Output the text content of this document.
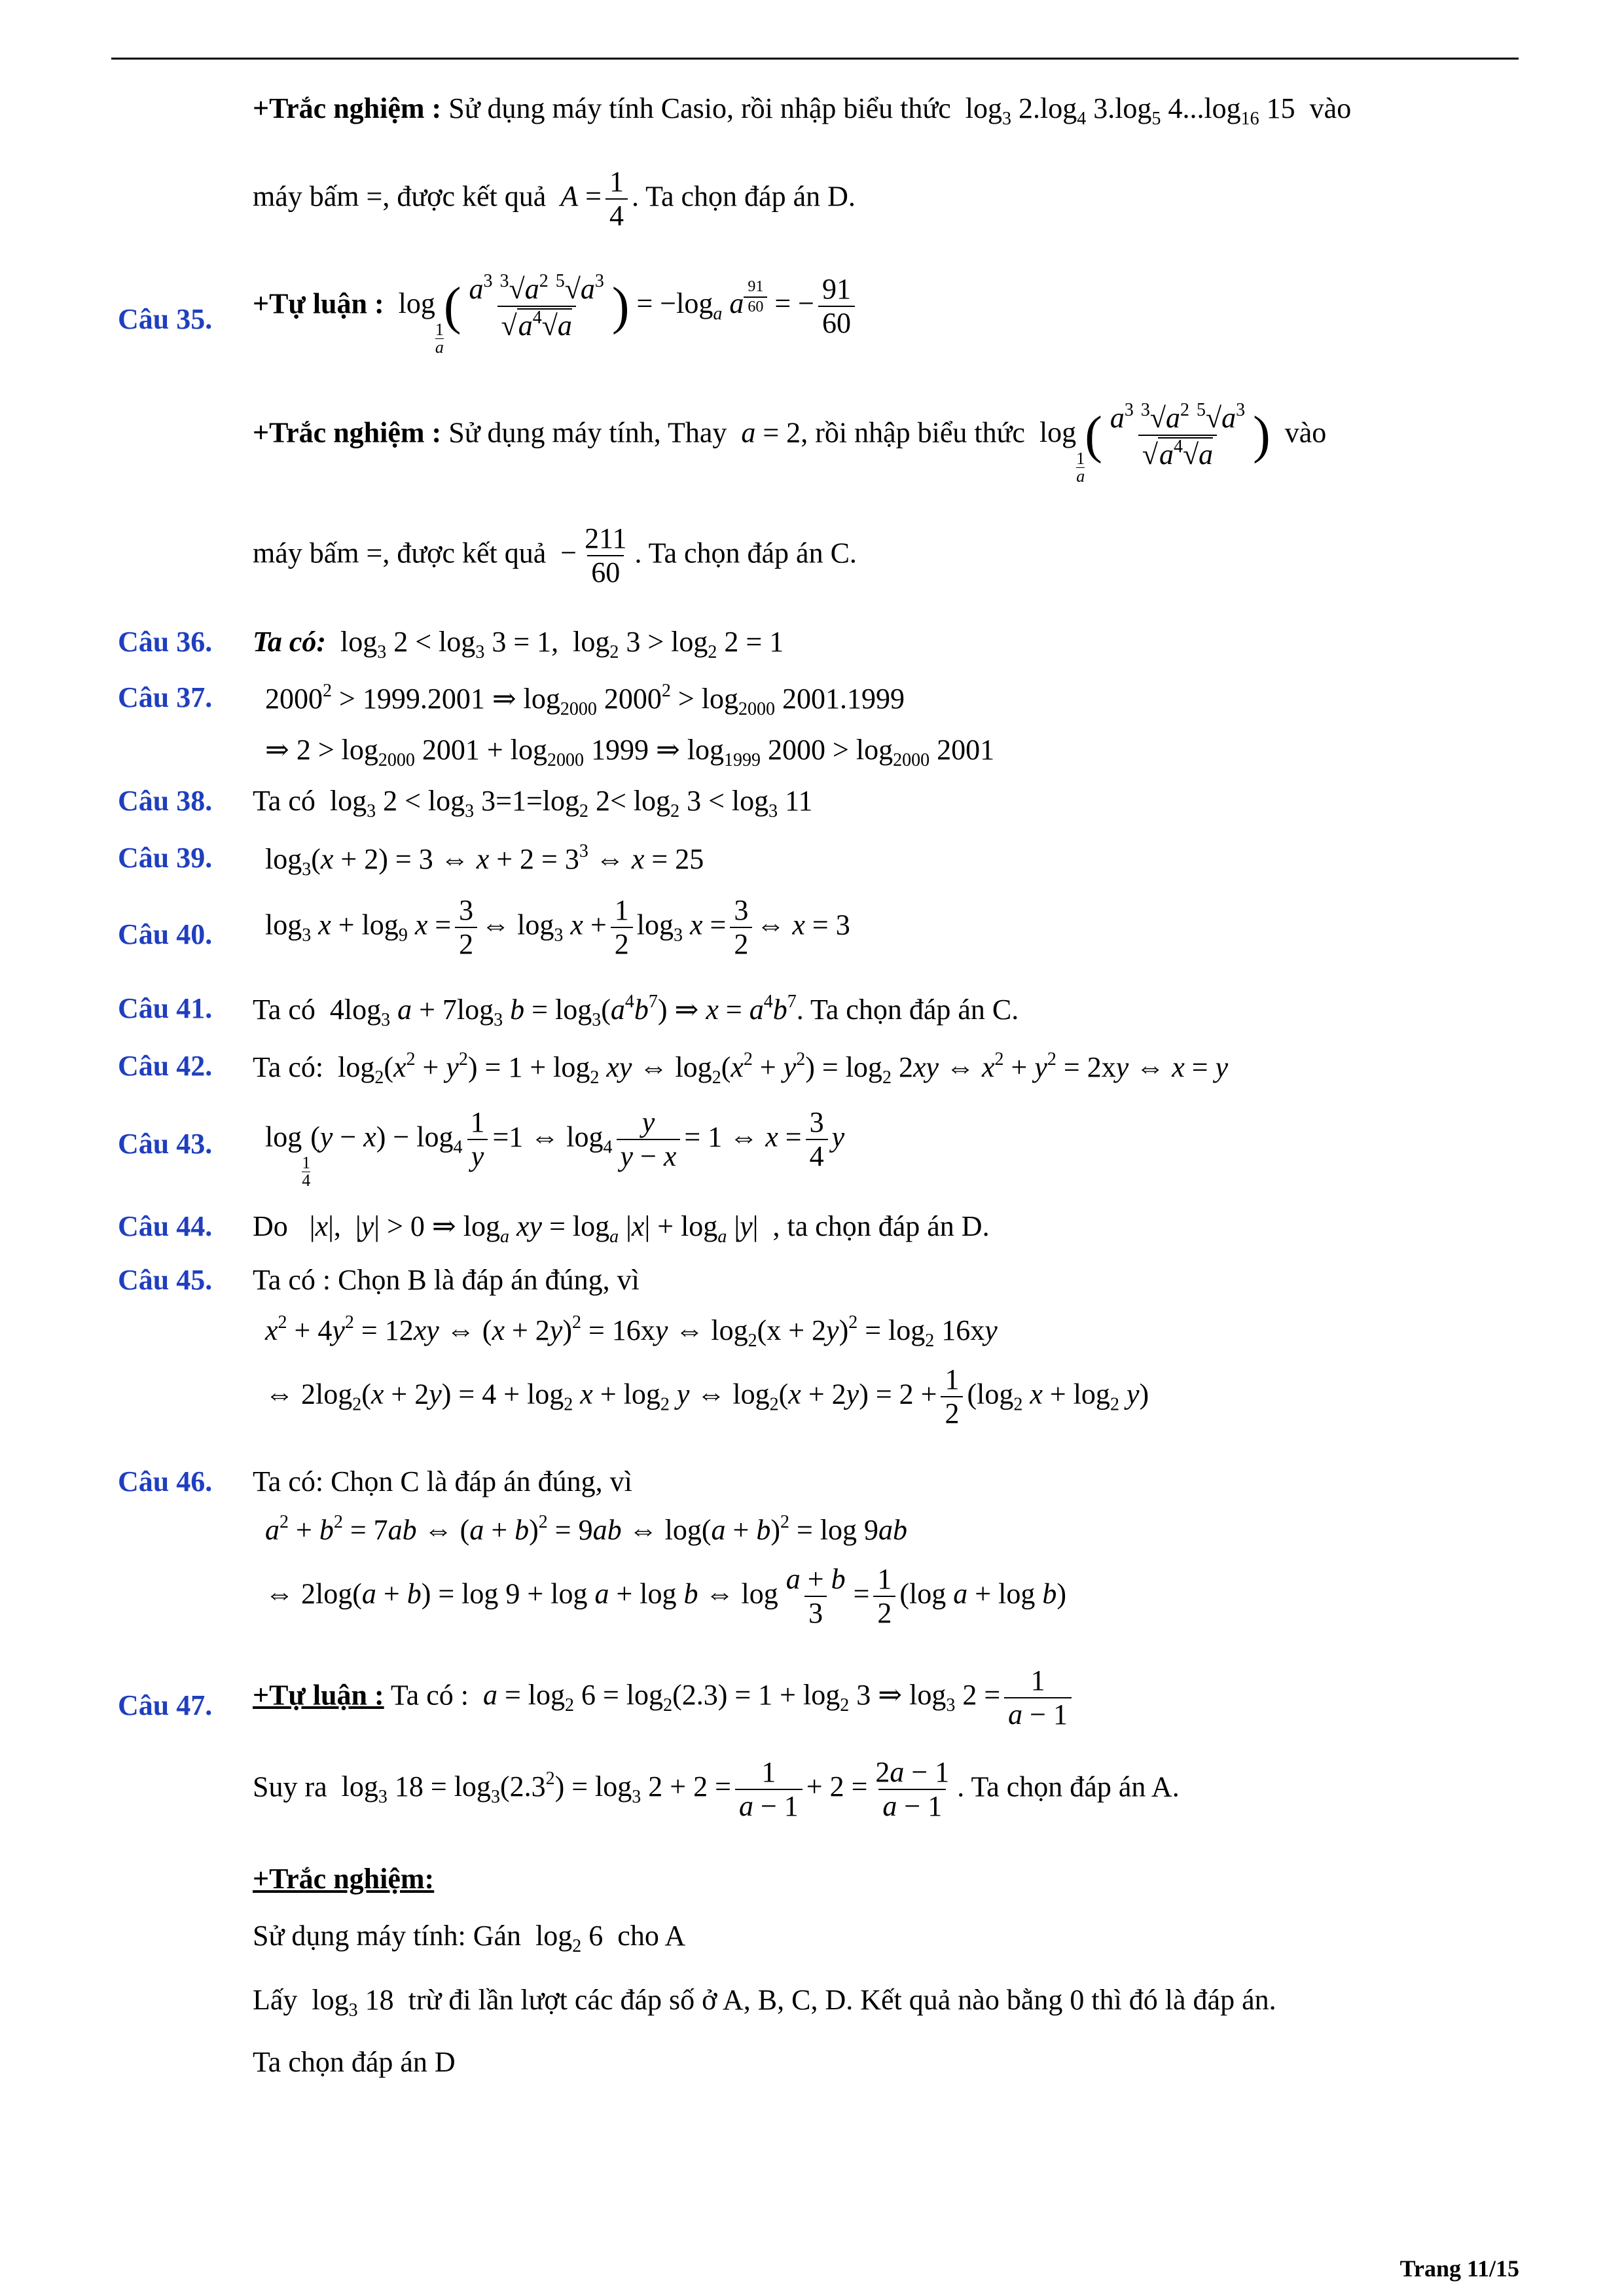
+Trắc nghiệm : Sử dụng máy tính Casio, rồi nhập biểu thức  $\log_3 2.\log_4$ $3.\log_5$ $4...\log_{16}$ 15  vào
máy bấm =, được kết quả $A = \frac{1}{4}$ . Ta chọn đáp án D.
Câu 35. +Tự luận :  log
1
a
( $\frac{a^3 ^3√a^2 ^5√a^3}{√a^4√a}$ ) = $-\log_a$ a $^{\frac{91}{60}}$ = − $\frac{91}{60}$
+Trắc nghiệm : Sử dụng máy tính, Thay a = 2, rồi nhập biểu thức  log
1
a
( $\frac{a^3 ^3√a^2 ^5√a^3}{√a^4√a}$ ) vào
máy bấm =, được kết quả  − $\frac{211}{60}$ . Ta chọn đáp án C.
Câu 36. Ta có:  $\log_3 2 < \log_3 3 = 1$,  $\log_2 3 > \log_2 2 = 1$
Câu 37. $2000^2 > 1999.2001$ ⇒ $\log_{2000} 2000^2 > \log_{2000} 2001.1999$
⇒ $2 > \log_{2000} 2001 + \log_{2000} 1999$ ⇒ $\log_{1999} 2000 > \log_{2000} 2001$
Câu 38. Ta có  $\log_3 2 < \log_3 3=1=\log_2$ $2< \log_2 3 < \log_3 11$
Câu 39. $\log_3(x + 2) = 3$ ⇔ $x + 2 = 3^3$ ⇔ x = 25
Câu 40. $\log_3 x + \log_9 x = \frac{3}{2}$ ⇔ $\log_3 x + \frac{1}{2} \log_3 x = \frac{3}{2}$ ⇔ x = 3
Câu 41. Ta có  $4\log_3$ $a + 7\log_3$ $b = \log_3(a^4b^7)$ ⇒ $x = a^4b^7$. Ta chọn đáp án C.
Câu 42. Ta có:  $\log_2(x^2 + y^2) = 1 + \log_2$ xy ⇔ $\log_2(x^2 + y^2) = \log_2 2xy$ ⇔ $x^2 + y^2 = 2xy$ ⇔ x = y
Câu 43. log
1
4
$(y - x) - \log_4 \frac{1}{y} =1$ ⇔ $\log_4 \frac{y}{y - x} = 1$ ⇔ $x = \frac{3}{4}$ y
Câu 44. Do   |x|,  |y| > 0 ⇒ $\log_a$ xy = $\log_a |x| + \log_a |y|$  , ta chọn đáp án D.
Câu 45. Ta có : Chọn B là đáp án đúng, vì
$x^2 + 4y^2 = 12xy$ ⇔ $(x + 2y)^2 = 16xy$ ⇔ $\log_2(x + 2y)^2 = \log_2 16xy$
⇔ $2\log_2(x + 2y) = 4 + \log_2 x + \log_2 y$ ⇔ $\log_2(x + 2y) = 2 + \frac{1}{2} (\log_2$ $x + \log_2 y$)
Câu 46. Ta có: Chọn C là đáp án đúng, vì
$a^2 + b^2 = 7ab$ ⇔ $(a + b)^2 = 9ab$ ⇔ $\log(a + b)^2 = \log 9ab$
⇔ 2log(a + b) = log 9 + log a + log b ⇔ $\log \frac{a + b}{3} = \frac{1}{2} (\log$ a + log b)
Câu 47. +Tự luận : Ta có : $a = \log_2 6 = \log_2(2.3) = 1 + \log_2 3$ ⇒ $\log_3 2 = \frac{1}{a - 1}$
Suy ra  $\log_3 18 = \log_3(2.3^2) = \log_3 2 + 2 = \frac{1}{a - 1} + 2 = \frac{2a - 1}{a - 1}$ . Ta chọn đáp án A.
+Trắc nghiệm:
Sử dụng máy tính: Gán  $\log_2 6$  cho A
Lấy  $\log_3 18$  trừ đi lần lượt các đáp số ở A, B, C, D. Kết quả nào bằng 0 thì đó là đáp án.
Ta chọn đáp án D
Trang 11/15
